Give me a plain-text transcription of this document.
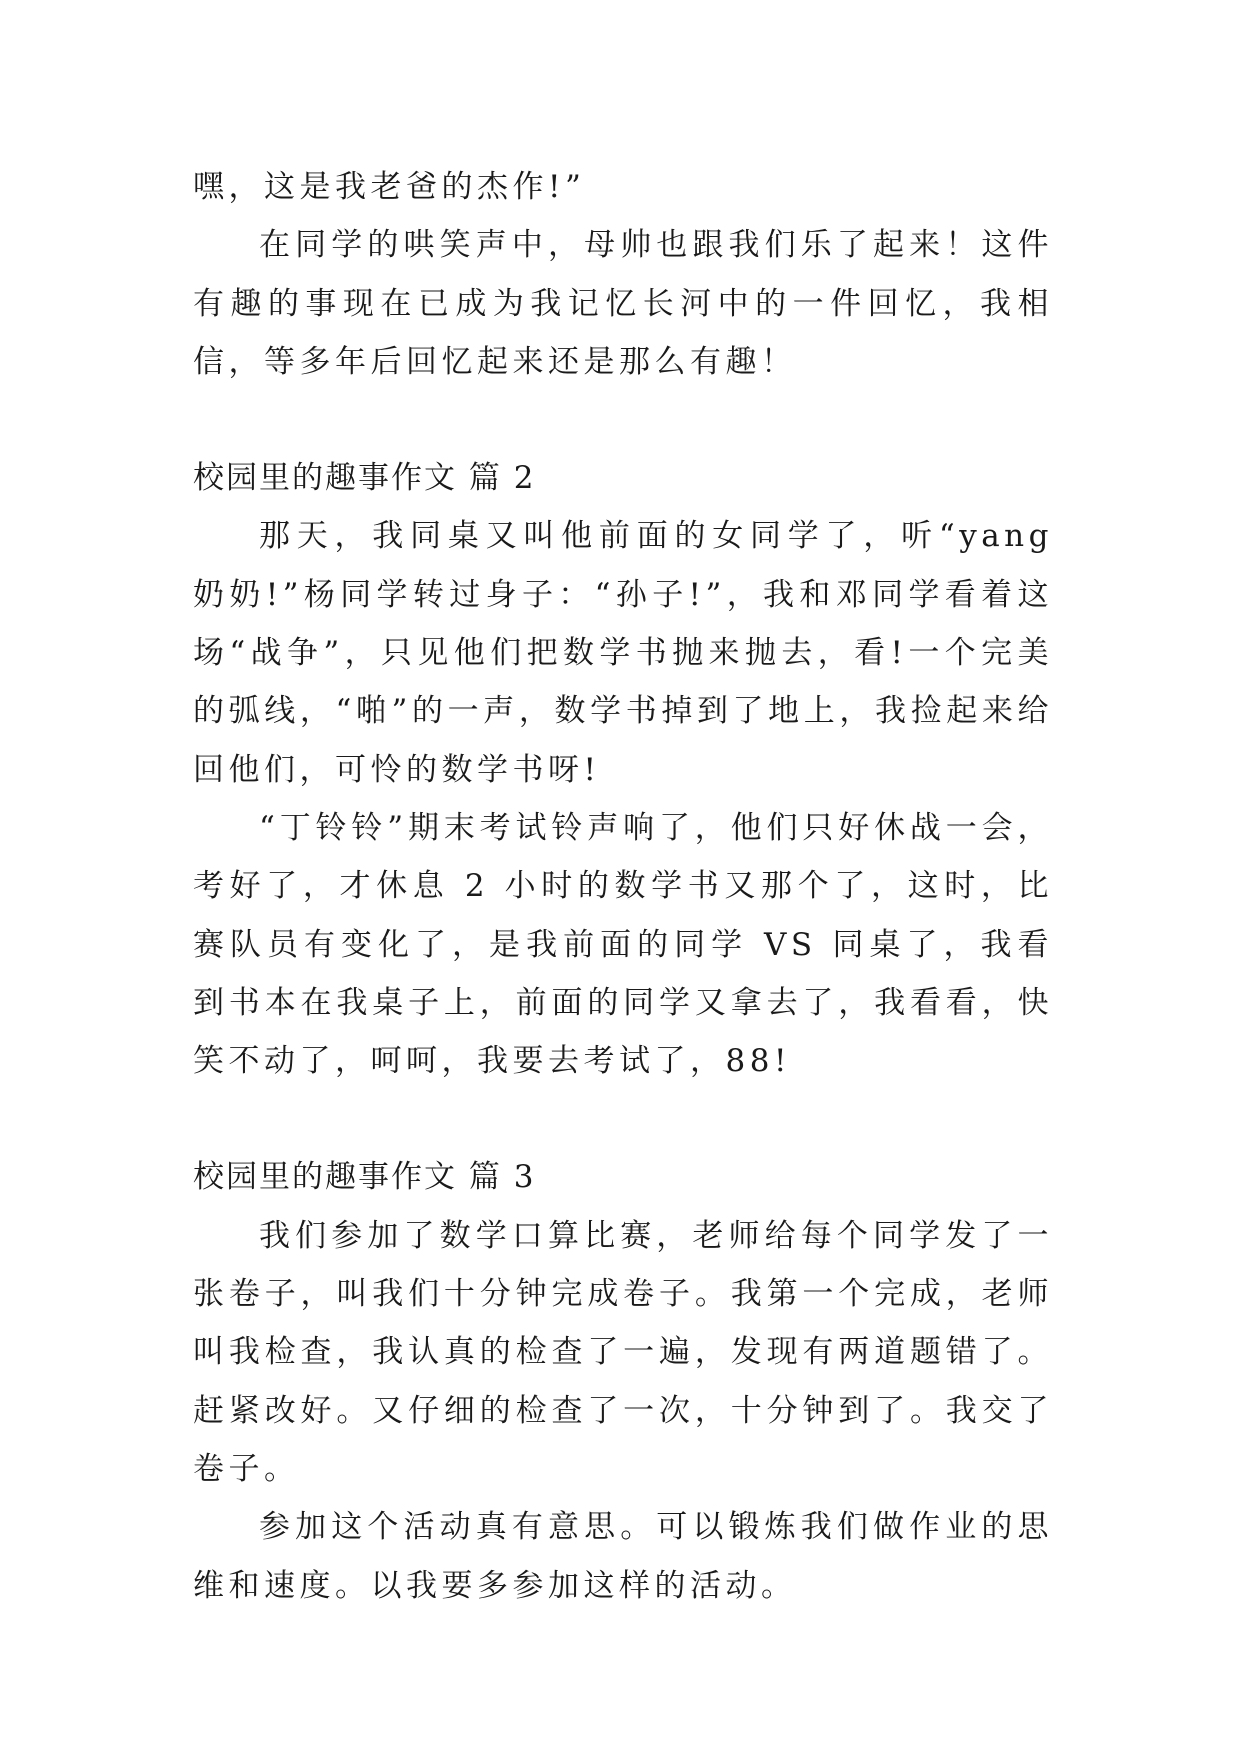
嘿，这是我老爸的杰作!”

在同学的哄笑声中，母帅也跟我们乐了起来！这件有趣的事现在已成为我记忆长河中的一件回忆，我相信，等多年后回忆起来还是那么有趣！

校园里的趣事作文 篇 2

那天，我同桌又叫他前面的女同学了，听“yang 奶奶!”杨同学转过身子：“孙子!”，我和邓同学看着这场“战争”，只见他们把数学书抛来抛去，看!一个完美的弧线，“啪”的一声，数学书掉到了地上，我捡起来给回他们，可怜的数学书呀!

“丁铃铃”期末考试铃声响了，他们只好休战一会，考好了，才休息 2 小时的数学书又那个了，这时，比赛队员有变化了，是我前面的同学 VS 同桌了，我看到书本在我桌子上，前面的同学又拿去了，我看看，快笑不动了，呵呵，我要去考试了，88!

校园里的趣事作文 篇 3

我们参加了数学口算比赛，老师给每个同学发了一张卷子，叫我们十分钟完成卷子。我第一个完成，老师叫我检查，我认真的检查了一遍，发现有两道题错了。赶紧改好。又仔细的检查了一次，十分钟到了。我交了卷子。

参加这个活动真有意思。可以锻炼我们做作业的思维和速度。以我要多参加这样的活动。
